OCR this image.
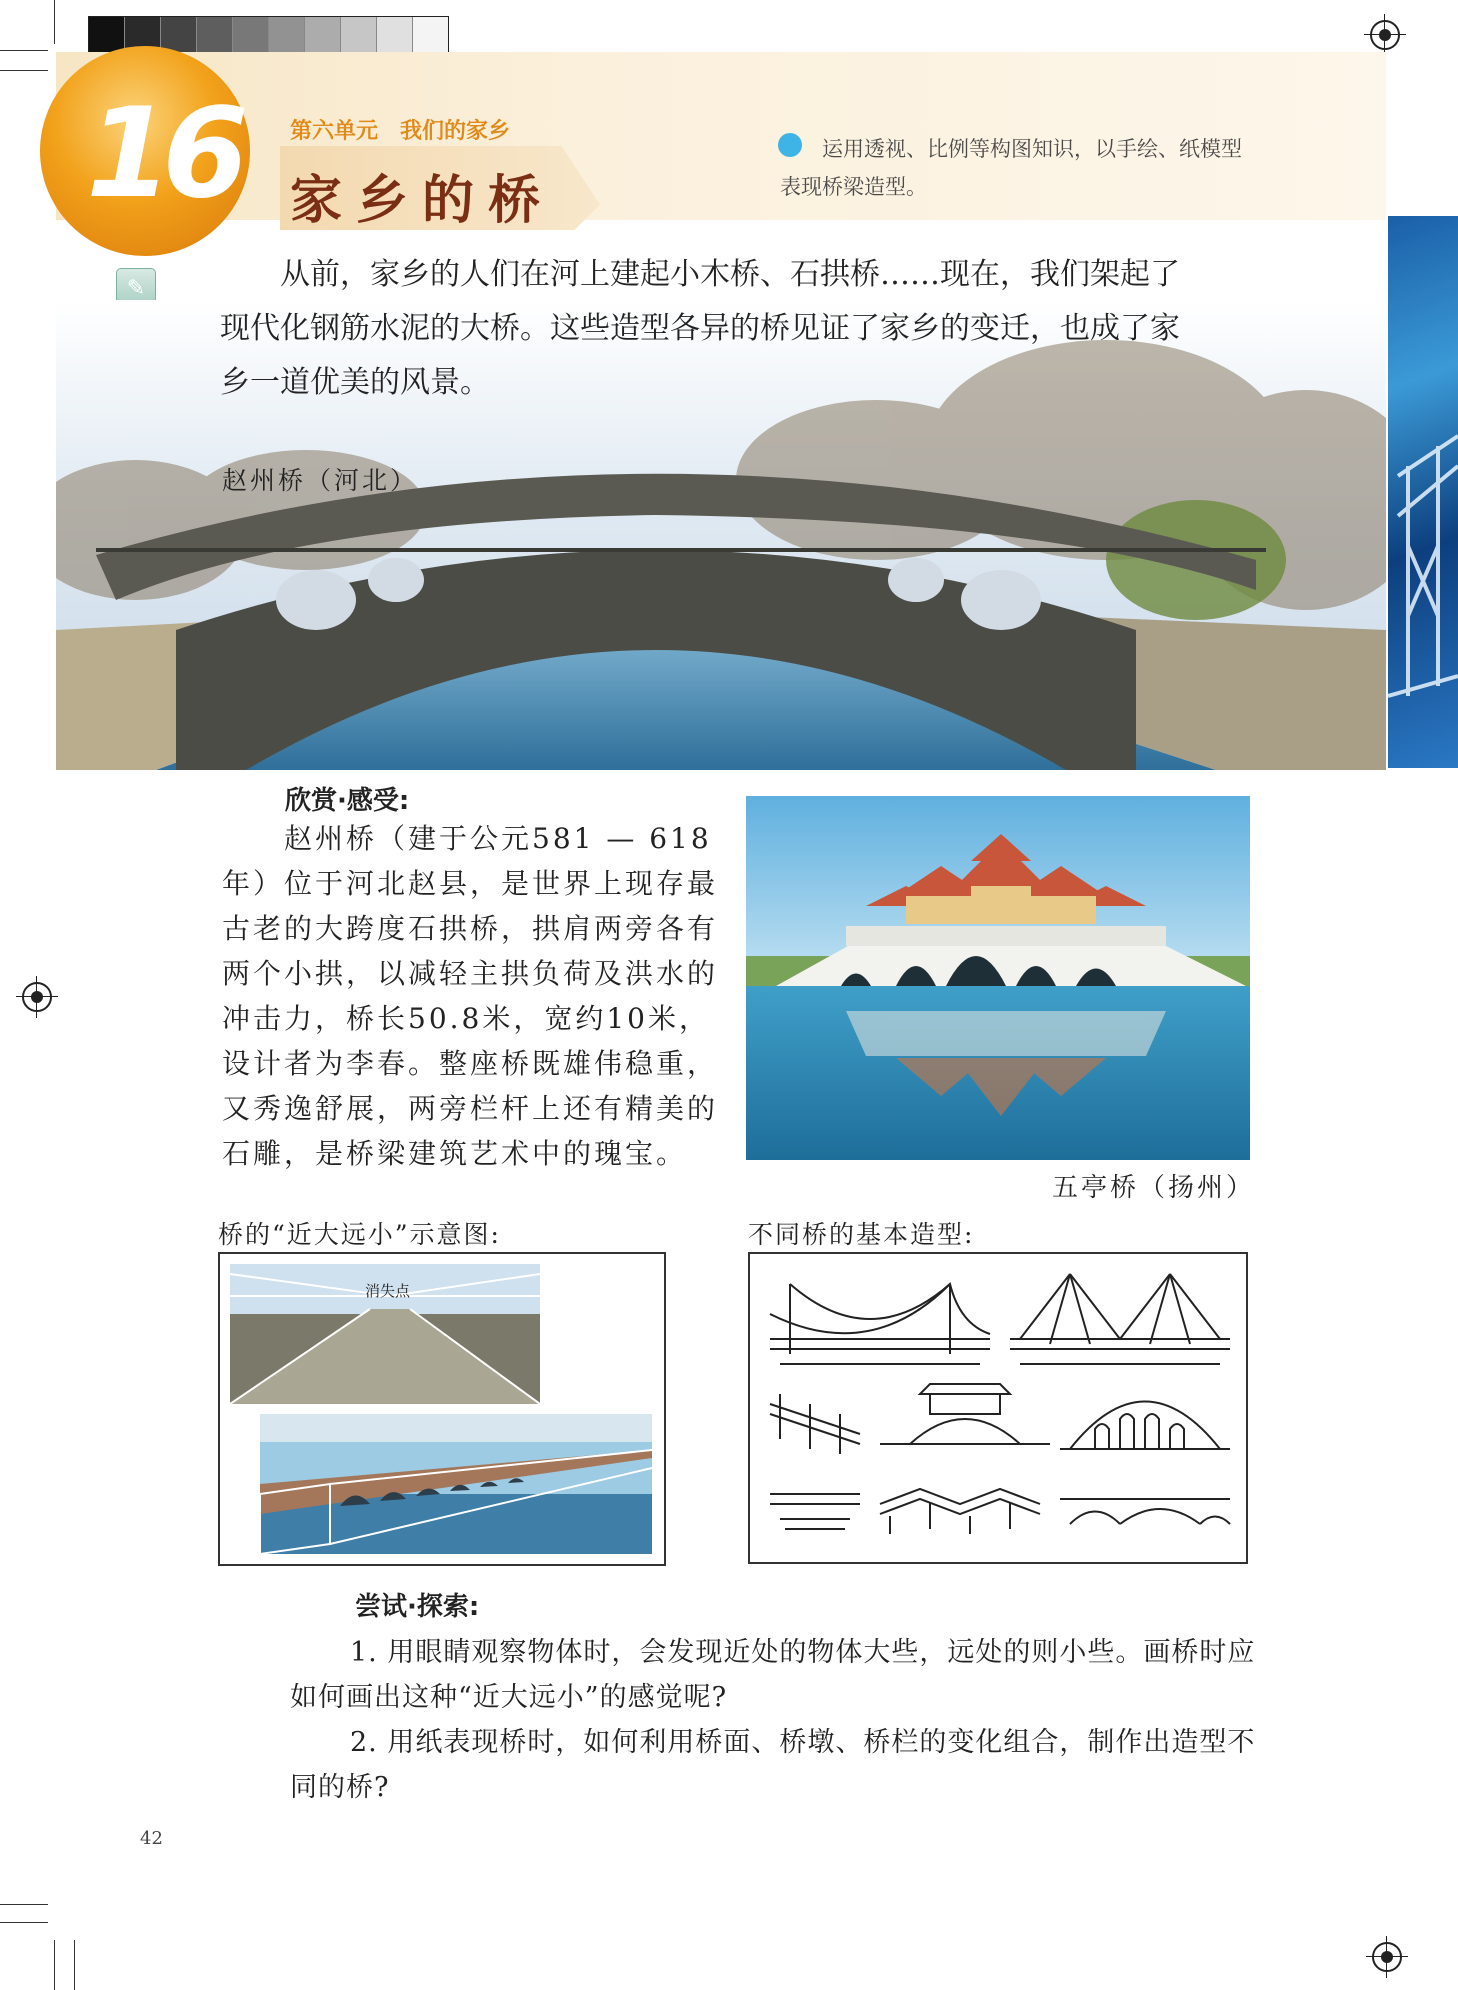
16 第六单元　我们的家乡
家乡的桥
运用透视、比例等构图知识，以手绘、纸模型表现桥梁造型。
✎	从前，家乡的人们在河上建起小木桥、石拱桥……现在，我们架起了现代化钢筋水泥的大桥。这些造型各异的桥见证了家乡的变迁，也成了家乡一道优美的风景。

赵州桥（河北）
欣赏·感受:

赵州桥（建于公元581 — 618年）位于河北赵县，是世界上现存最古老的大跨度石拱桥，拱肩两旁各有两个小拱，以减轻主拱负荷及洪水的冲击力，桥长50.8米，宽约10米，设计者为李春。整座桥既雄伟稳重，又秀逸舒展，两旁栏杆上还有精美的石雕，是桥梁建筑艺术中的瑰宝。

五亭桥（扬州）
桥的“近大远小”示意图:
消失点
不同桥的基本造型:
尝试·探索:

1. 用眼睛观察物体时，会发现近处的物体大些，远处的则小些。画桥时应如何画出这种“近大远小”的感觉呢?

2. 用纸表现桥时，如何利用桥面、桥墩、桥栏的变化组合，制作出造型不同的桥?

42
